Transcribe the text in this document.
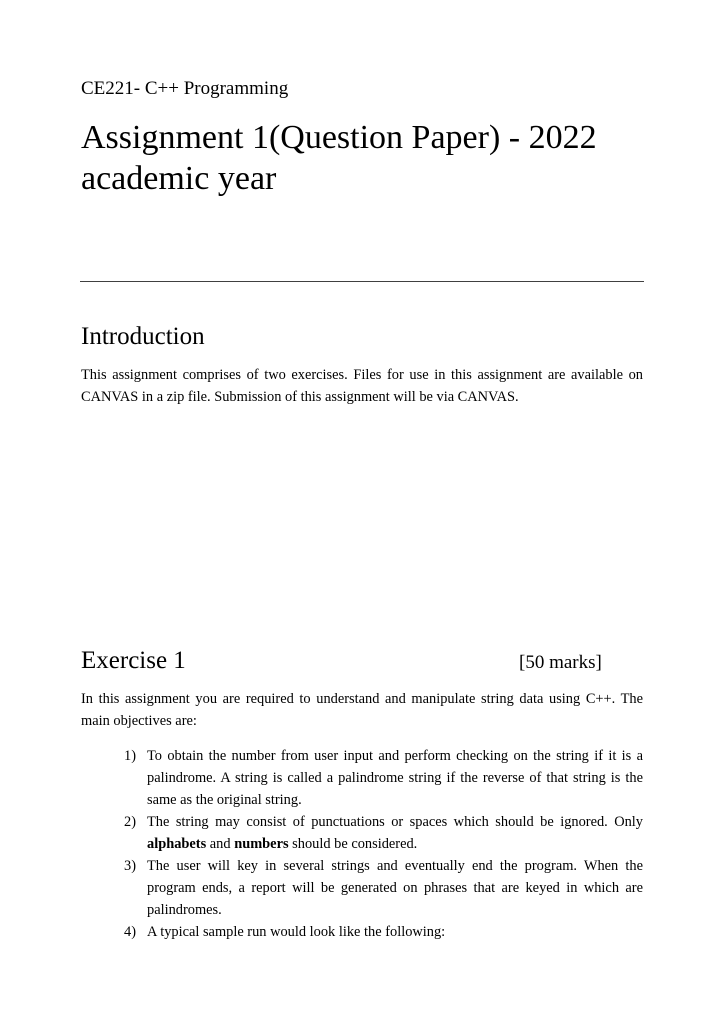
CE221- C++ Programming
Assignment 1(Question Paper) - 2022 academic year
Introduction
This assignment comprises of two exercises. Files for use in this assignment are available on CANVAS in a zip file. Submission of this assignment will be via CANVAS.
Exercise 1	[50 marks]
In this assignment you are required to understand and manipulate string data using C++. The main objectives are:
1) To obtain the number from user input and perform checking on the string if it is a palindrome. A string is called a palindrome string if the reverse of that string is the same as the original string.
2) The string may consist of punctuations or spaces which should be ignored. Only alphabets and numbers should be considered.
3) The user will key in several strings and eventually end the program. When the program ends, a report will be generated on phrases that are keyed in which are palindromes.
4) A typical sample run would look like the following:
